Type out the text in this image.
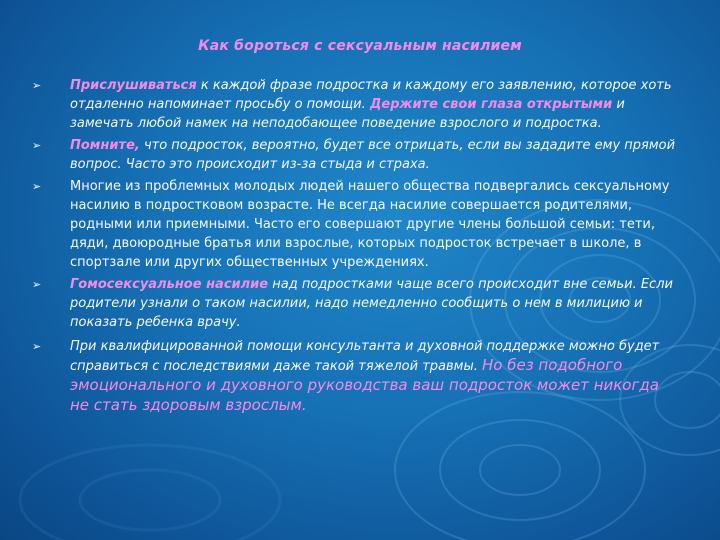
Как бороться с сексуальным насилием
➢ Прислушиваться к каждой фразе подростка и каждому его заявлению, которое хоть отдаленно напоминает просьбу о помощи. Держите свои глаза открытыми и замечать любой намек на неподобающее поведение взрослого и подростка.
➢ Помните, что подросток, вероятно, будет все отрицать, если вы зададите ему прямой вопрос. Часто это происходит из-за стыда и страха.
➢ Многие из проблемных молодых людей нашего общества подвергались сексуальному насилию в подростковом возрасте. Не всегда насилие совершается родителями, родными или приемными. Часто его совершают другие члены большой семьи: тети, дяди, двоюродные братья или взрослые, которых подросток встречает в школе, в спортзале или других общественных учреждениях.
➢ Гомосексуальное насилие над подростками чаще всего происходит вне семьи. Если родители узнали о таком насилии, надо немедленно сообщить о нем в милицию и показать ребенка врачу.
➢ При квалифицированной помощи консультанта и духовной поддержке можно будет справиться с последствиями даже такой тяжелой травмы. Но без подобного эмоционального и духовного руководства ваш подросток может никогда не стать здоровым взрослым.
